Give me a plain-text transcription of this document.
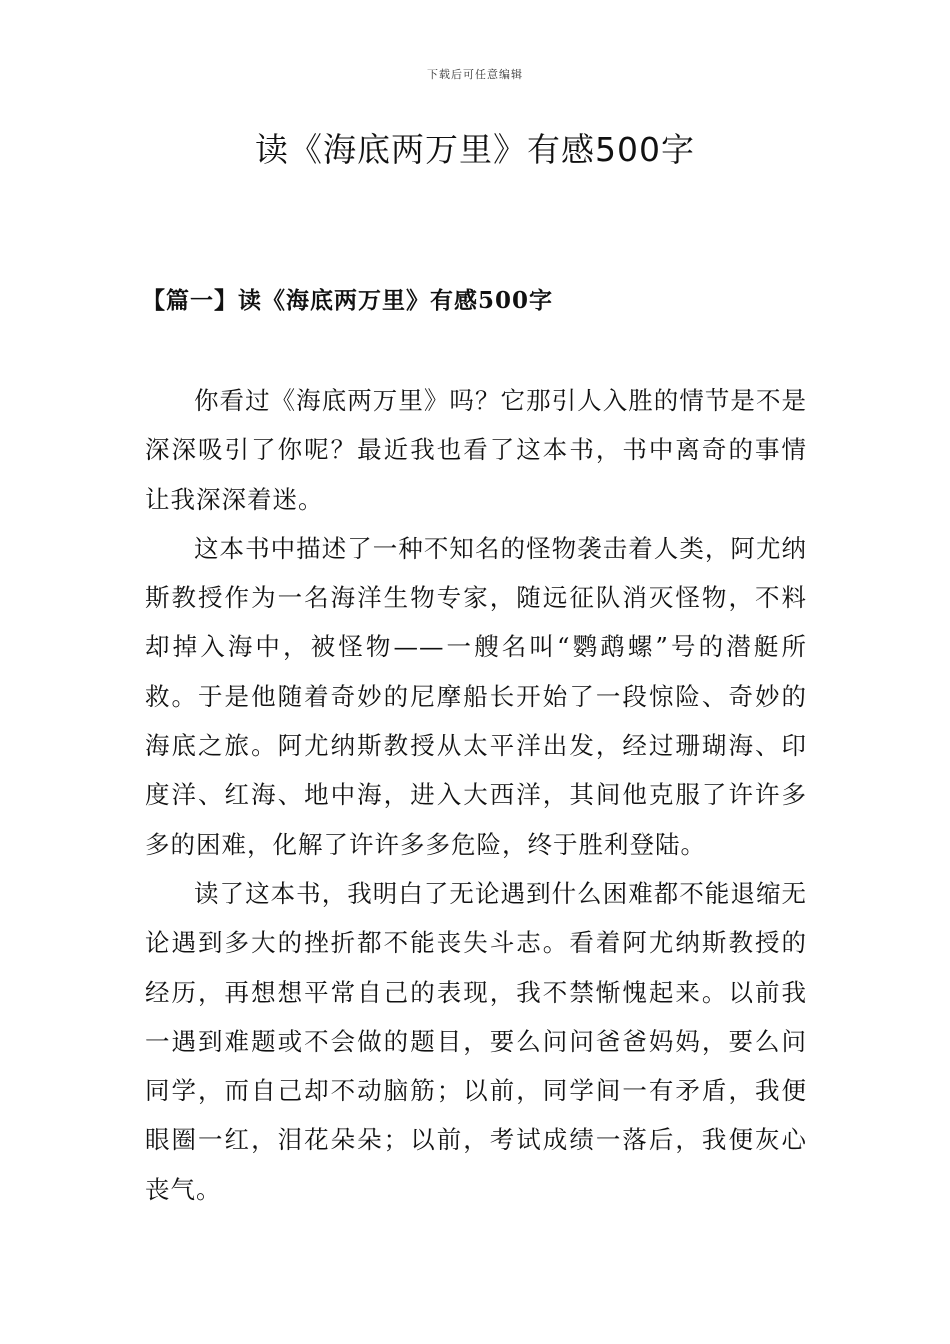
下载后可任意编辑
读《海底两万里》有感500字
【篇一】读《海底两万里》有感500字

你看过《海底两万里》吗？它那引人入胜的情节是不是深深吸引了你呢？最近我也看了这本书，书中离奇的事情让我深深着迷。

这本书中描述了一种不知名的怪物袭击着人类，阿尤纳斯教授作为一名海洋生物专家，随远征队消灭怪物，不料却掉入海中，被怪物——一艘名叫“鹦鹉螺”号的潜艇所救。于是他随着奇妙的尼摩船长开始了一段惊险、奇妙的海底之旅。阿尤纳斯教授从太平洋出发，经过珊瑚海、印度洋、红海、地中海，进入大西洋，其间他克服了许许多多的困难，化解了许许多多危险，终于胜利登陆。

读了这本书，我明白了无论遇到什么困难都不能退缩无论遇到多大的挫折都不能丧失斗志。看着阿尤纳斯教授的经历，再想想平常自己的表现，我不禁惭愧起来。以前我一遇到难题或不会做的题目，要么问问爸爸妈妈，要么问同学，而自己却不动脑筋；以前，同学间一有矛盾，我便眼圈一红，泪花朵朵；以前，考试成绩一落后，我便灰心丧气。
